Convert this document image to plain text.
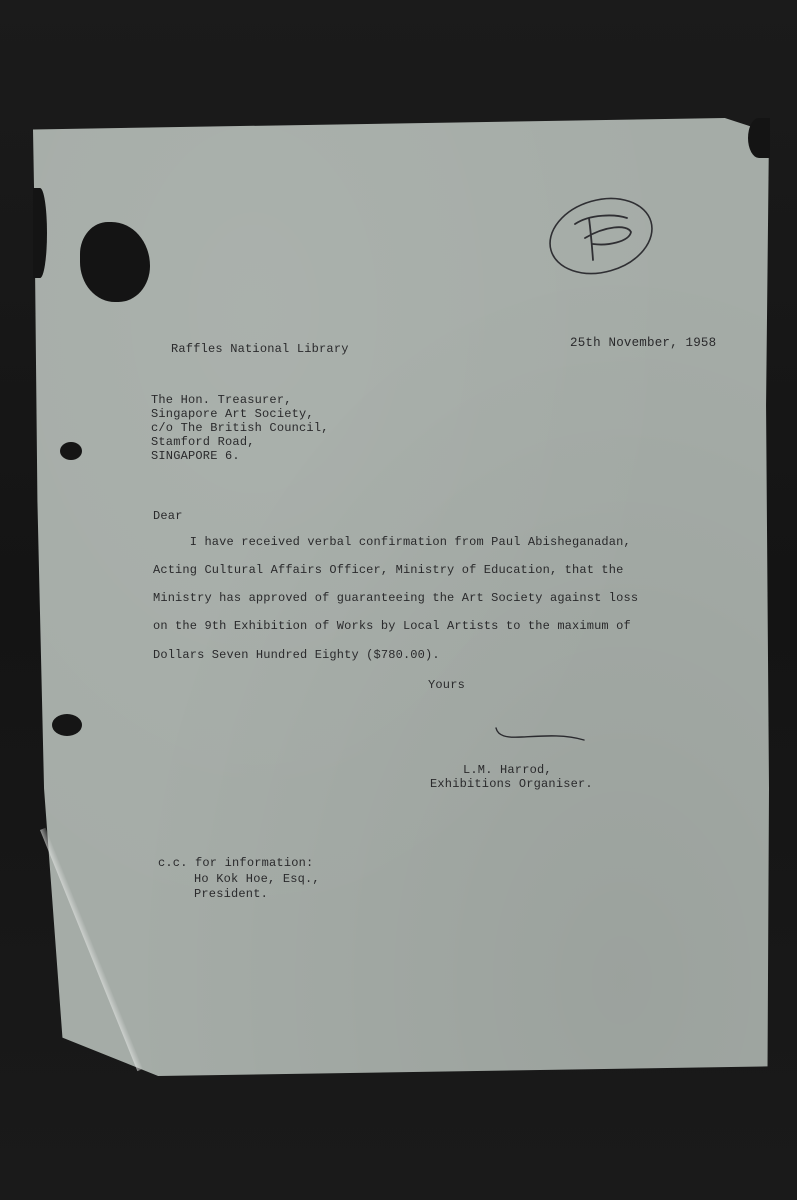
Raffles National Library	25th November, 1958
The Hon. Treasurer,
Singapore Art Society,
c/o The British Council,
Stamford Road,
SINGAPORE 6.
Dear
I have received verbal confirmation from Paul Abisheganadan,
Acting Cultural Affairs Officer, Ministry of Education, that the
Ministry has approved of guaranteeing the Art Society against loss
on the 9th Exhibition of Works by Local Artists to the maximum of
Dollars Seven Hundred Eighty ($780.00).
Yours
L.M. Harrod,
Exhibitions Organiser.
c.c. for information:
Ho Kok Hoe, Esq.,
President.
